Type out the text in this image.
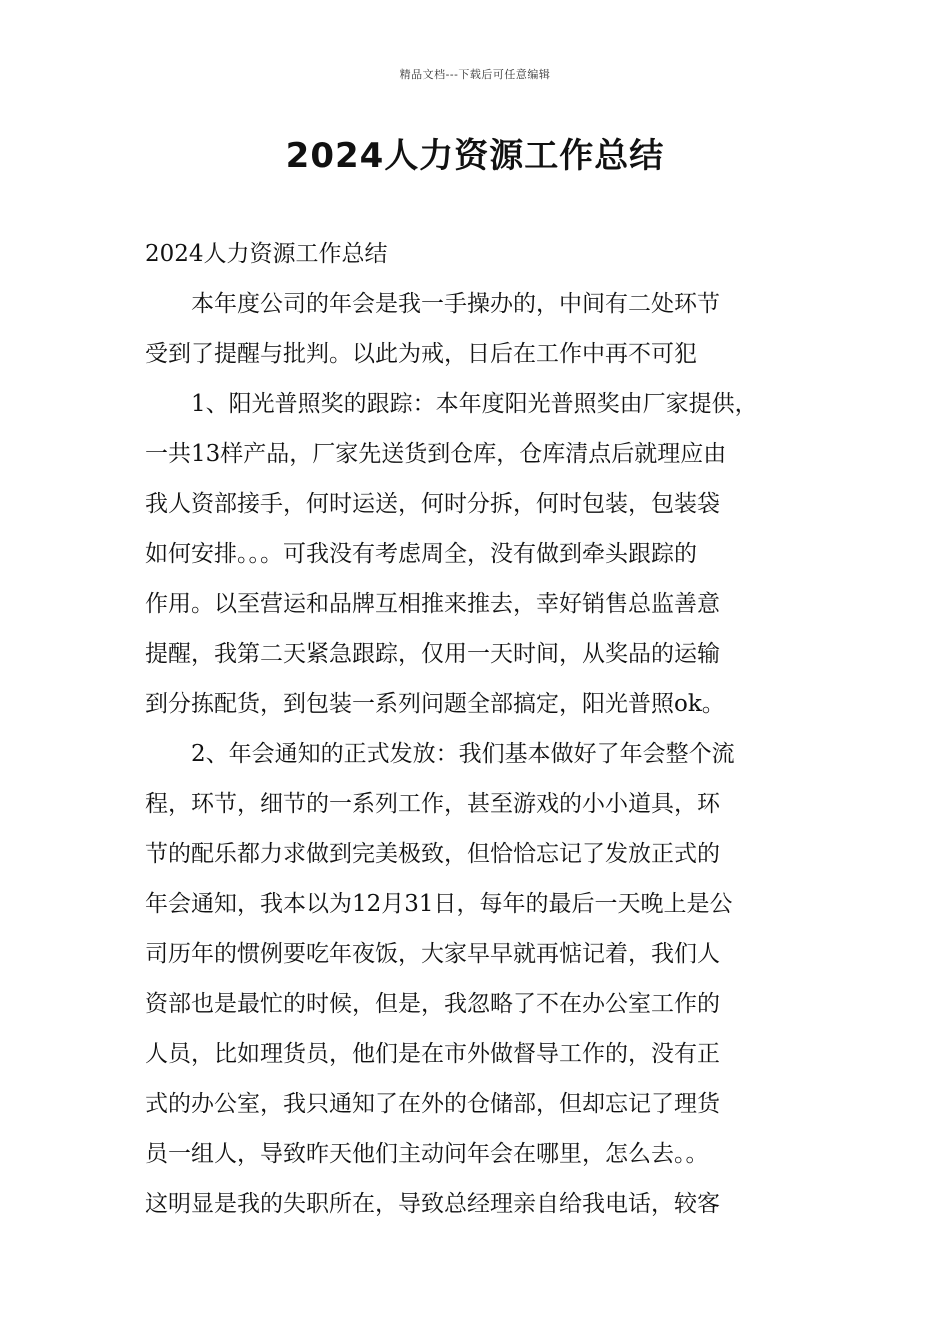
精品文档---下载后可任意编辑
2024人力资源工作总结
2024人力资源工作总结
本年度公司的年会是我一手操办的，中间有二处环节
受到了提醒与批判。以此为戒，日后在工作中再不可犯
1、阳光普照奖的跟踪：本年度阳光普照奖由厂家提供，
一共13样产品，厂家先送货到仓库，仓库清点后就理应由
我人资部接手，何时运送，何时分拆，何时包装，包装袋
如何安排。。。可我没有考虑周全，没有做到牵头跟踪的
作用。以至营运和品牌互相推来推去，幸好销售总监善意
提醒，我第二天紧急跟踪，仅用一天时间，从奖品的运输
到分拣配货，到包装一系列问题全部搞定，阳光普照ok。
2、年会通知的正式发放：我们基本做好了年会整个流
程，环节，细节的一系列工作，甚至游戏的小小道具，环
节的配乐都力求做到完美极致，但恰恰忘记了发放正式的
年会通知，我本以为12月31日，每年的最后一天晚上是公
司历年的惯例要吃年夜饭，大家早早就再惦记着，我们人
资部也是最忙的时候，但是，我忽略了不在办公室工作的
人员，比如理货员，他们是在市外做督导工作的，没有正
式的办公室，我只通知了在外的仓储部，但却忘记了理货
员一组人，导致昨天他们主动问年会在哪里，怎么去。。
这明显是我的失职所在，导致总经理亲自给我电话，较客
